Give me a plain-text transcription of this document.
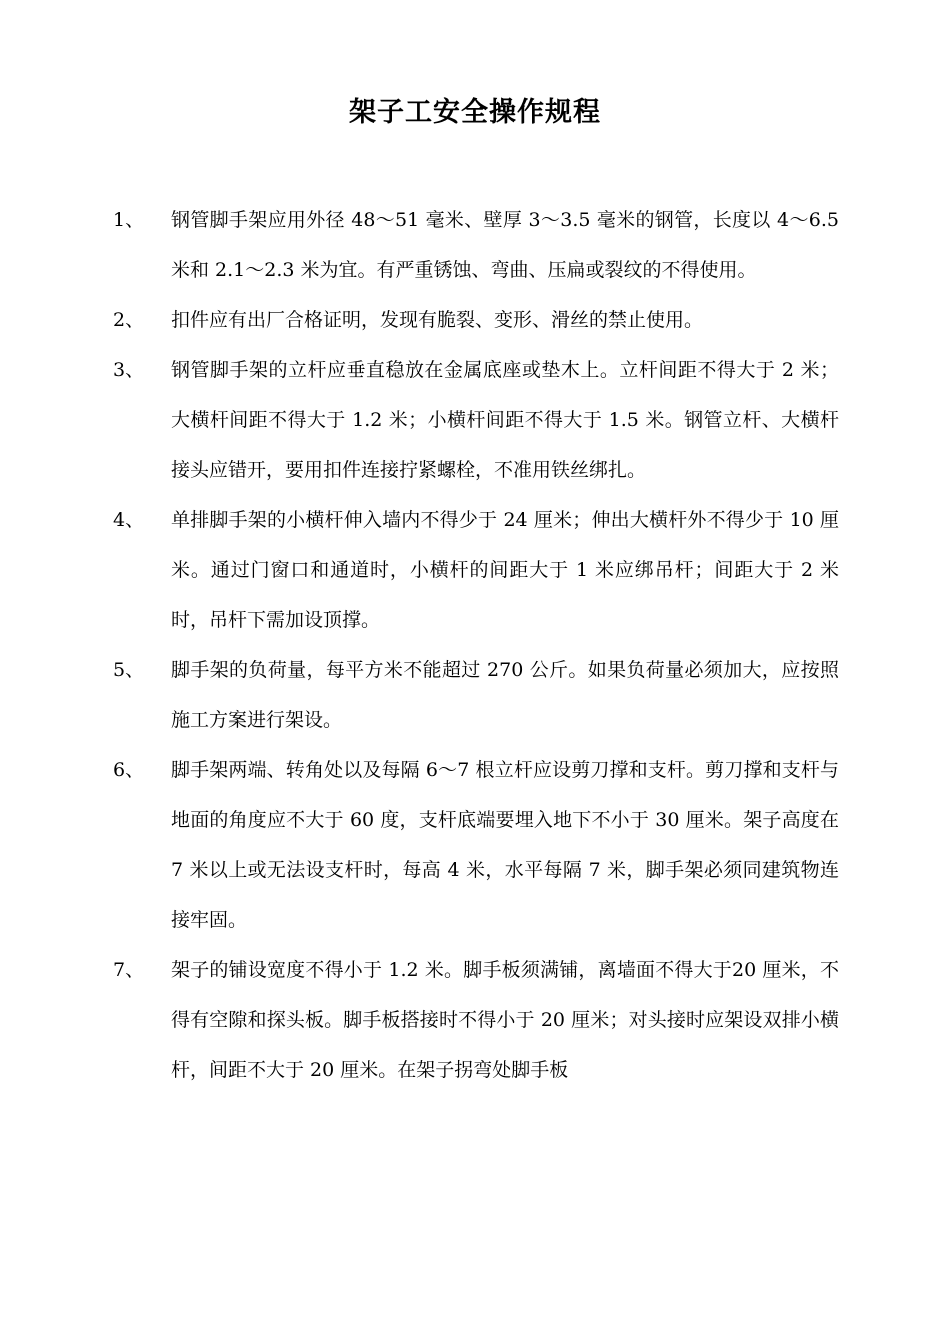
架子工安全操作规程
1、 钢管脚手架应用外径 48～51 毫米、壁厚 3～3.5 毫米的钢管，长度以 4～6.5 米和 2.1～2.3 米为宜。有严重锈蚀、弯曲、压扁或裂纹的不得使用。
2、 扣件应有出厂合格证明，发现有脆裂、变形、滑丝的禁止使用。
3、 钢管脚手架的立杆应垂直稳放在金属底座或垫木上。立杆间距不得大于 2 米；大横杆间距不得大于 1.2 米；小横杆间距不得大于 1.5 米。钢管立杆、大横杆接头应错开，要用扣件连接拧紧螺栓，不准用铁丝绑扎。
4、 单排脚手架的小横杆伸入墙内不得少于 24 厘米；伸出大横杆外不得少于 10 厘米。通过门窗口和通道时，小横杆的间距大于 1 米应绑吊杆；间距大于 2 米时，吊杆下需加设顶撑。
5、 脚手架的负荷量，每平方米不能超过 270 公斤。如果负荷量必须加大，应按照施工方案进行架设。
6、 脚手架两端、转角处以及每隔 6～7 根立杆应设剪刀撑和支杆。剪刀撑和支杆与地面的角度应不大于 60 度，支杆底端要埋入地下不小于 30 厘米。架子高度在 7 米以上或无法设支杆时，每高 4 米，水平每隔 7 米，脚手架必须同建筑物连接牢固。
7、 架子的铺设宽度不得小于 1.2 米。脚手板须满铺，离墙面不得大于20 厘米，不得有空隙和探头板。脚手板搭接时不得小于 20 厘米；对头接时应架设双排小横杆，间距不大于 20 厘米。在架子拐弯处脚手板
